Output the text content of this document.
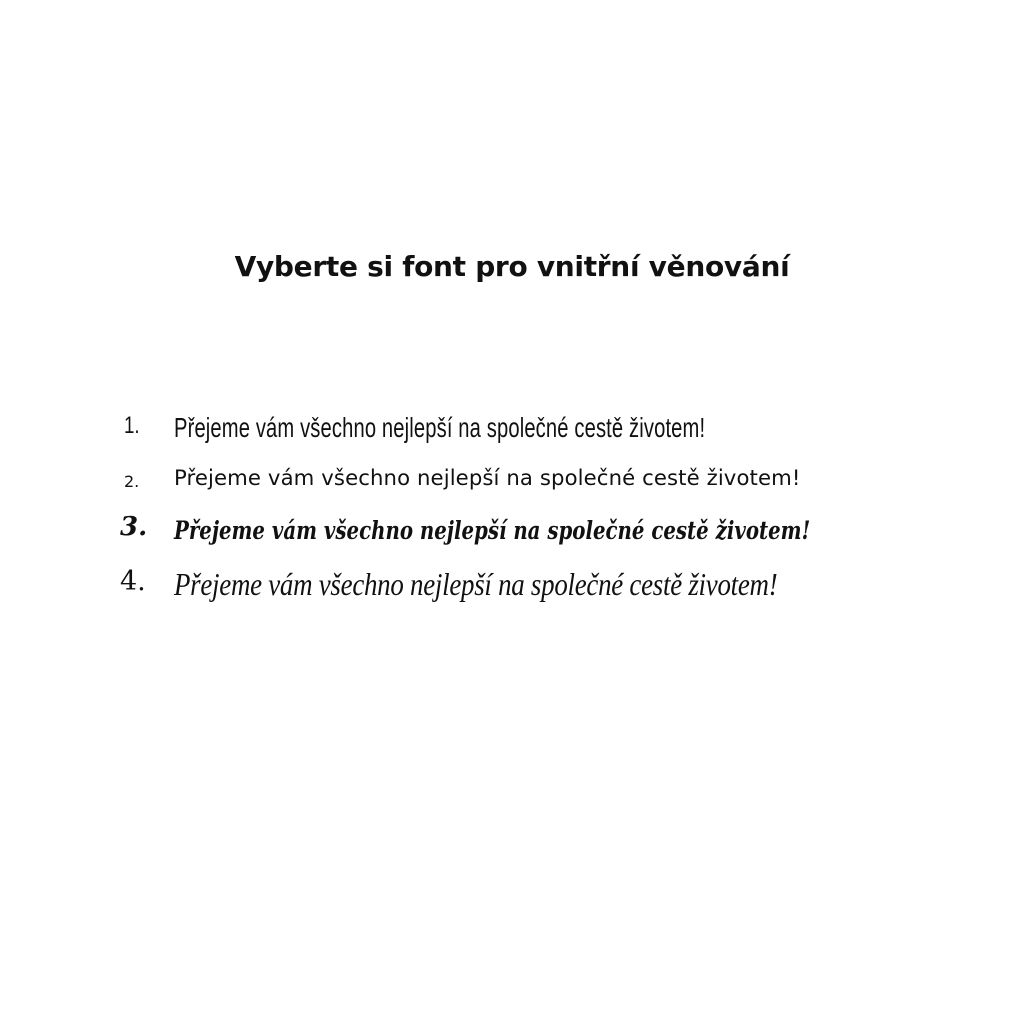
Vyberte si font pro vnitřní věnování
1. Přejeme vám všechno nejlepší na společné cestě životem!
2. Přejeme vám všechno nejlepší na společné cestě životem!
3. Přejeme vám všechno nejlepší na společné cestě životem!
4. Přejeme vám všechno nejlepší na společné cestě životem!
